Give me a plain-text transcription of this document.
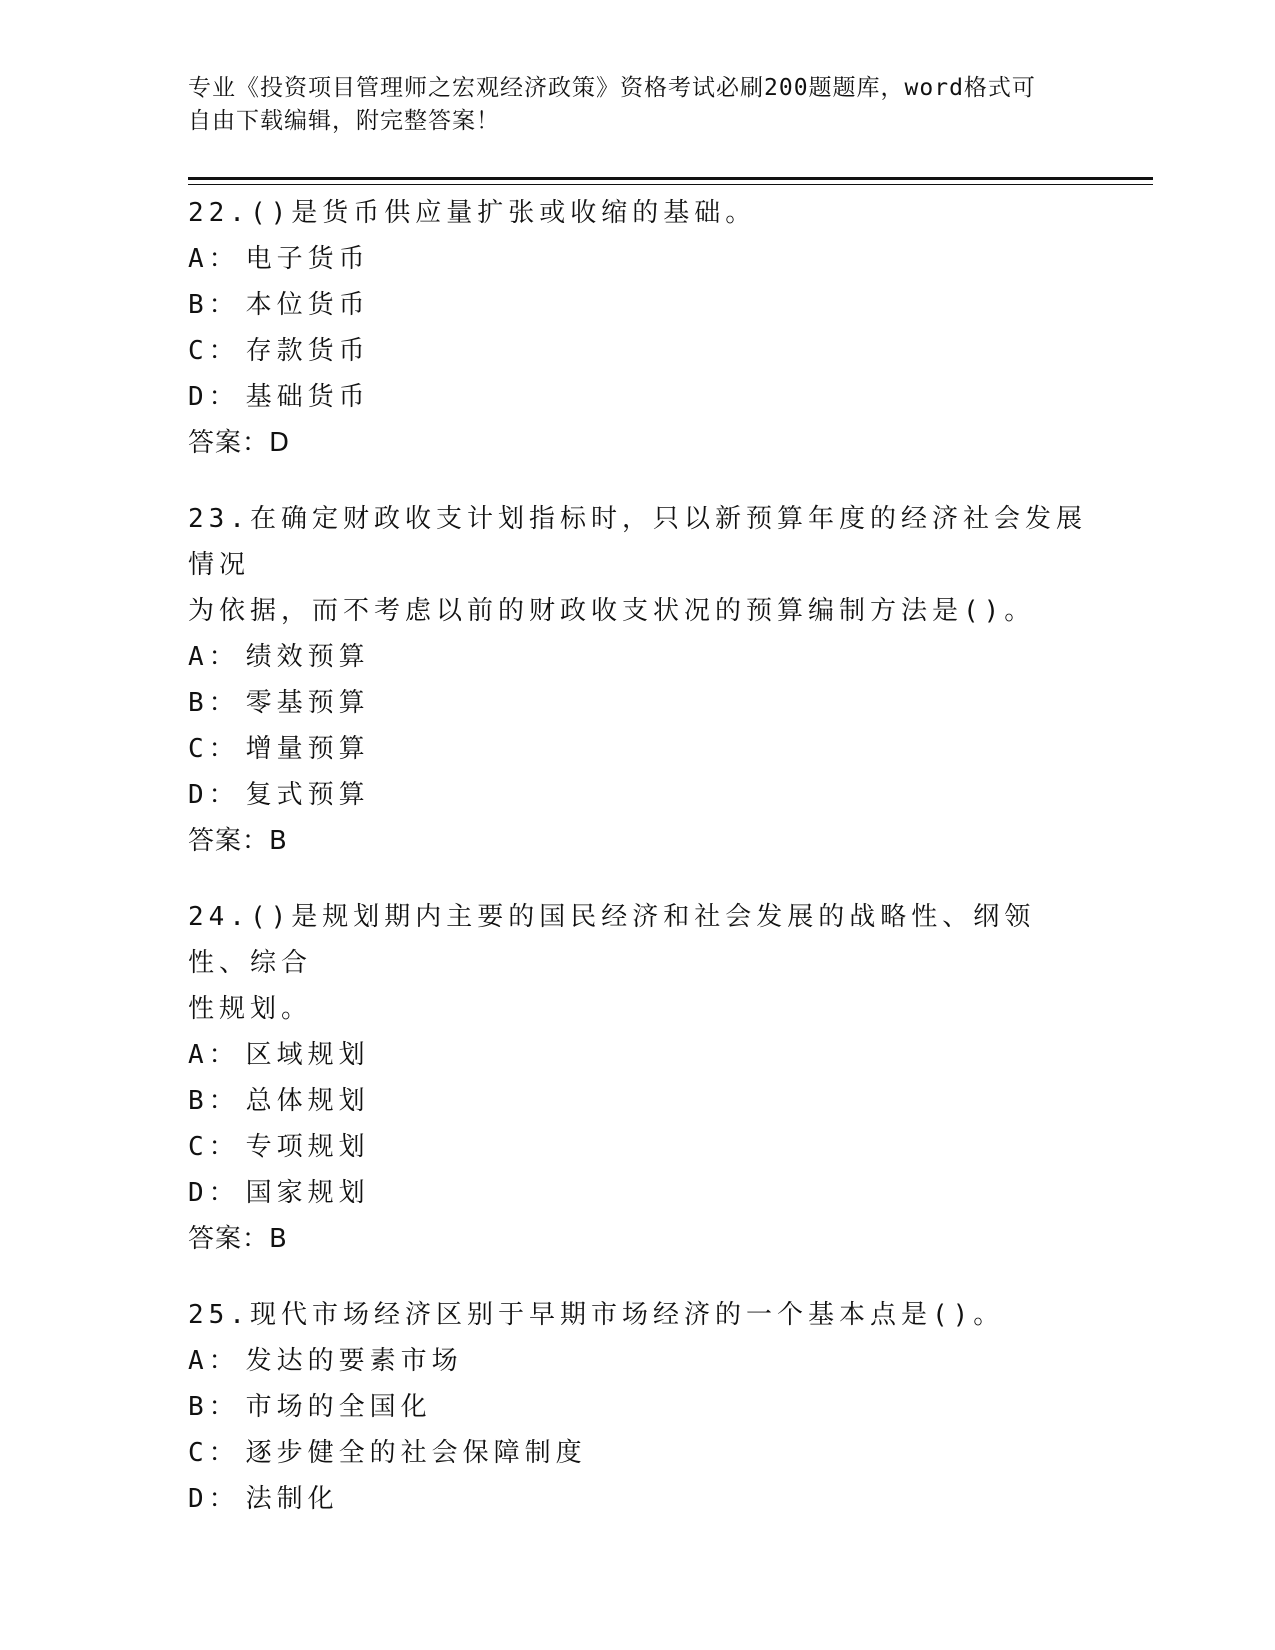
专业《投资项目管理师之宏观经济政策》资格考试必刷200题题库，word格式可
自由下载编辑，附完整答案！
22.()是货币供应量扩张或收缩的基础。
A： 电子货币
B： 本位货币
C： 存款货币
D： 基础货币
答案：D
23.在确定财政收支计划指标时，只以新预算年度的经济社会发展情况
为依据，而不考虑以前的财政收支状况的预算编制方法是()。
A： 绩效预算
B： 零基预算
C： 增量预算
D： 复式预算
答案：B
24.()是规划期内主要的国民经济和社会发展的战略性、纲领性、综合
性规划。
A： 区域规划
B： 总体规划
C： 专项规划
D： 国家规划
答案：B
25.现代市场经济区别于早期市场经济的一个基本点是()。
A： 发达的要素市场
B： 市场的全国化
C： 逐步健全的社会保障制度
D： 法制化
